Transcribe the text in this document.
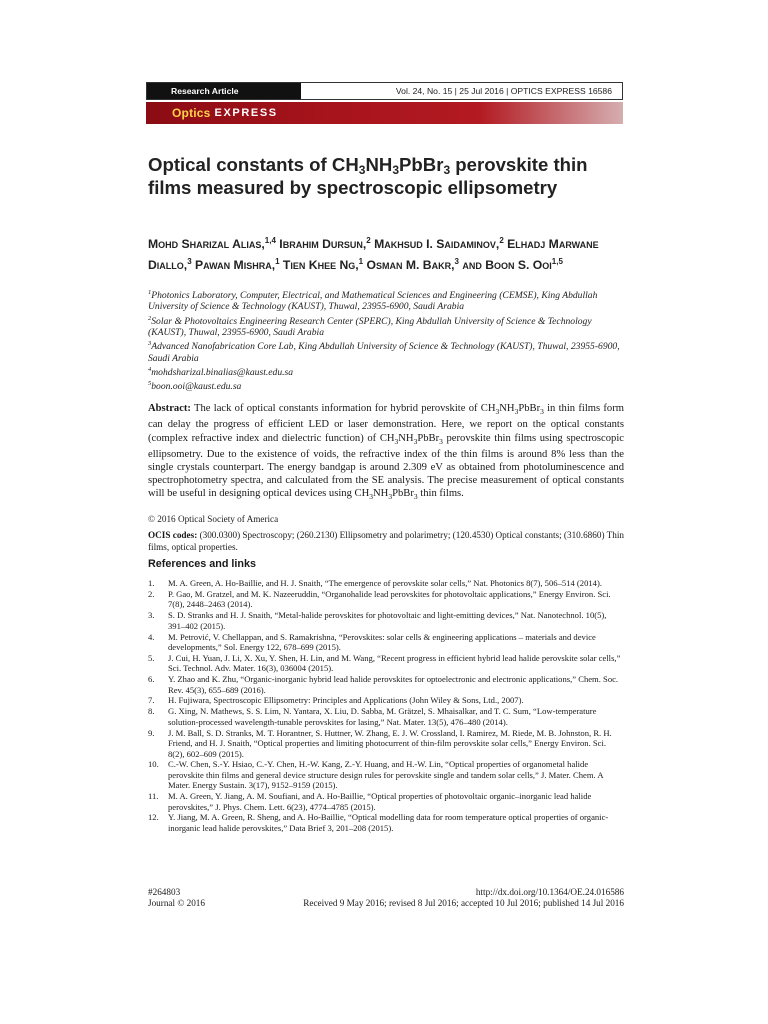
Research Article	Vol. 24, No. 15 | 25 Jul 2016 | OPTICS EXPRESS 16586
Optics EXPRESS
Optical constants of $CH_3NH_3PbBr_3$ perovskite thin films measured by spectroscopic ellipsometry
Mohd Sharizal Alias,$^{1,4}$ Ibrahim Dursun,$^2$ Makhsud I. Saidaminov,$^2$ Elhadj Marwane Diallo,$^3$ Pawan Mishra,$^1$ Tien Khee Ng,$^1$ Osman M. Bakr,$^3$ and Boon S. Ooi$^{1,5}$
$^1$Photonics Laboratory, Computer, Electrical, and Mathematical Sciences and Engineering (CEMSE), King Abdullah University of Science & Technology (KAUST), Thuwal, 23955-6900, Saudi Arabia
$^2$Solar & Photovoltaics Engineering Research Center (SPERC), King Abdullah University of Science & Technology (KAUST), Thuwal, 23955-6900, Saudi Arabia
$^3$Advanced Nanofabrication Core Lab, King Abdullah University of Science & Technology (KAUST), Thuwal, 23955-6900, Saudi Arabia
$^4$mohdsharizal.binalias@kaust.edu.sa
$^5$boon.ooi@kaust.edu.sa
Abstract: The lack of optical constants information for hybrid perovskite of $CH_3NH_3PbBr_3$ in thin films form can delay the progress of efficient LED or laser demonstration. Here, we report on the optical constants (complex refractive index and dielectric function) of $CH_3NH_3PbBr_3$ perovskite thin films using spectroscopic ellipsometry. Due to the existence of voids, the refractive index of the thin films is around 8% less than the single crystals counterpart. The energy bandgap is around 2.309 eV as obtained from photoluminescence and spectrophotometry spectra, and calculated from the SE analysis. The precise measurement of optical constants will be useful in designing optical devices using $CH_3NH_3PbBr_3$ thin films.
© 2016 Optical Society of America
OCIS codes: (300.0300) Spectroscopy; (260.2130) Ellipsometry and polarimetry; (120.4530) Optical constants; (310.6860) Thin films, optical properties.
References and links
1.	M. A. Green, A. Ho-Baillie, and H. J. Snaith, “The emergence of perovskite solar cells,” Nat. Photonics 8(7), 506–514 (2014).
2.	P. Gao, M. Gratzel, and M. K. Nazeeruddin, “Organohalide lead perovskites for photovoltaic applications,” Energy Environ. Sci. 7(8), 2448–2463 (2014).
3.	S. D. Stranks and H. J. Snaith, “Metal-halide perovskites for photovoltaic and light-emitting devices,” Nat. Nanotechnol. 10(5), 391–402 (2015).
4.	M. Petrović, V. Chellappan, and S. Ramakrishna, “Perovskites: solar cells & engineering applications – materials and device developments,” Sol. Energy 122, 678–699 (2015).
5.	J. Cui, H. Yuan, J. Li, X. Xu, Y. Shen, H. Lin, and M. Wang, “Recent progress in efficient hybrid lead halide perovskite solar cells,” Sci. Technol. Adv. Mater. 16(3), 036004 (2015).
6.	Y. Zhao and K. Zhu, “Organic-inorganic hybrid lead halide perovskites for optoelectronic and electronic applications,” Chem. Soc. Rev. 45(3), 655–689 (2016).
7.	H. Fujiwara, Spectroscopic Ellipsometry: Principles and Applications (John Wiley & Sons, Ltd., 2007).
8.	G. Xing, N. Mathews, S. S. Lim, N. Yantara, X. Liu, D. Sabba, M. Grätzel, S. Mhaisalkar, and T. C. Sum, “Low-temperature solution-processed wavelength-tunable perovskites for lasing,” Nat. Mater. 13(5), 476–480 (2014).
9.	J. M. Ball, S. D. Stranks, M. T. Horantner, S. Huttner, W. Zhang, E. J. W. Crossland, I. Ramirez, M. Riede, M. B. Johnston, R. H. Friend, and H. J. Snaith, “Optical properties and limiting photocurrent of thin-film perovskite solar cells,” Energy Environ. Sci. 8(2), 602–609 (2015).
10.	C.-W. Chen, S.-Y. Hsiao, C.-Y. Chen, H.-W. Kang, Z.-Y. Huang, and H.-W. Lin, “Optical properties of organometal halide perovskite thin films and general device structure design rules for perovskite single and tandem solar cells,” J. Mater. Chem. A Mater. Energy Sustain. 3(17), 9152–9159 (2015).
11.	M. A. Green, Y. Jiang, A. M. Soufiani, and A. Ho-Baillie, “Optical properties of photovoltaic organic–inorganic lead halide perovskites,” J. Phys. Chem. Lett. 6(23), 4774–4785 (2015).
12.	Y. Jiang, M. A. Green, R. Sheng, and A. Ho-Baillie, “Optical modelling data for room temperature optical properties of organic-inorganic lead halide perovskites,” Data Brief 3, 201–208 (2015).
#264803
Journal © 2016
http://dx.doi.org/10.1364/OE.24.016586
Received 9 May 2016; revised 8 Jul 2016; accepted 10 Jul 2016; published 14 Jul 2016
